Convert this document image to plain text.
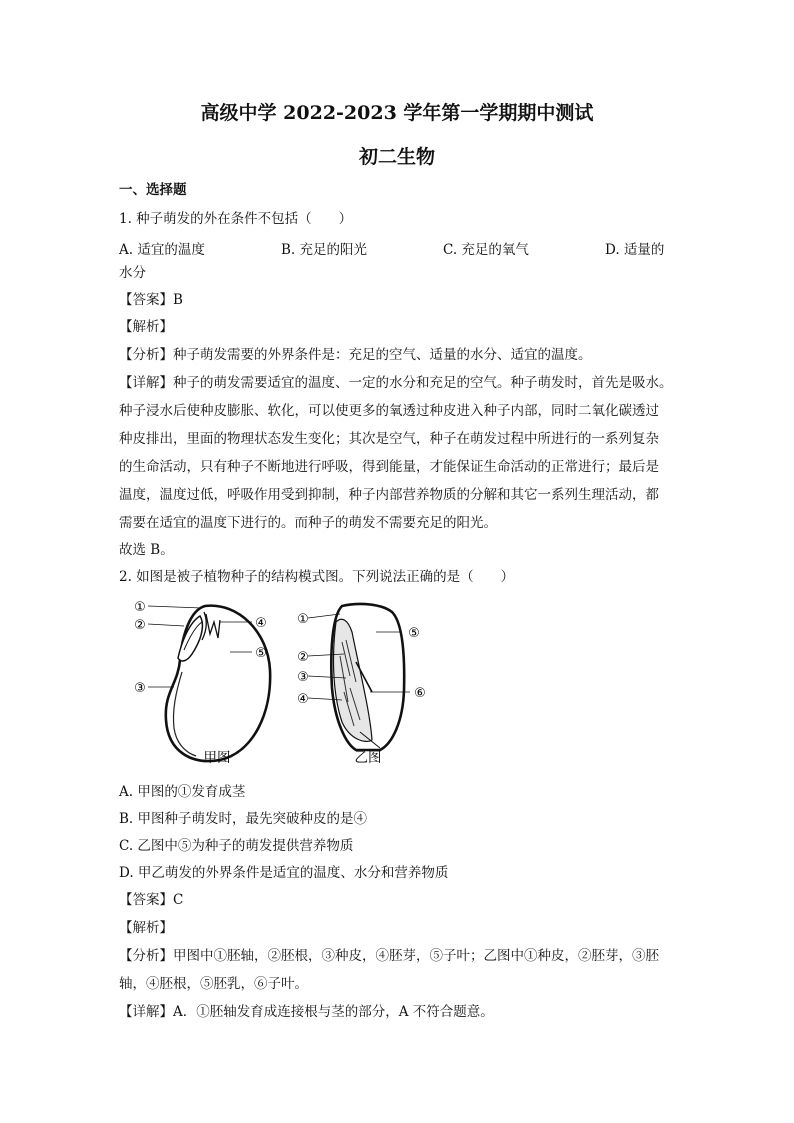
高级中学 2022-2023 学年第一学期期中测试
初二生物
一、选择题
1. 种子萌发的外在条件不包括（　　）
A. 适宜的温度	B. 充足的阳光	C. 充足的氧气	D. 适量的
水分
【答案】B
【解析】
【分析】种子萌发需要的外界条件是：充足的空气、适量的水分、适宜的温度。
【详解】种子的萌发需要适宜的温度、一定的水分和充足的空气。种子萌发时，首先是吸水。
种子浸水后使种皮膨胀、软化，可以使更多的氧透过种皮进入种子内部，同时二氧化碳透过
种皮排出，里面的物理状态发生变化；其次是空气，种子在萌发过程中所进行的一系列复杂
的生命活动，只有种子不断地进行呼吸，得到能量，才能保证生命活动的正常进行；最后是
温度，温度过低，呼吸作用受到抑制，种子内部营养物质的分解和其它一系列生理活动，都
需要在适宜的温度下进行的。而种子的萌发不需要充足的阳光。
故选 B。
2. 如图是被子植物种子的结构模式图。下列说法正确的是（　　）
①
②
③
④
⑤
甲图
①
②
③
④
⑤
⑥
乙图
A. 甲图的①发育成茎
B. 甲图种子萌发时，最先突破种皮的是④
C. 乙图中⑤为种子的萌发提供营养物质
D. 甲乙萌发的外界条件是适宜的温度、水分和营养物质
【答案】C
【解析】
【分析】甲图中①胚轴，②胚根，③种皮，④胚芽，⑤子叶；乙图中①种皮，②胚芽，③胚
轴，④胚根，⑤胚乳，⑥子叶。
【详解】A．①胚轴发育成连接根与茎的部分，A 不符合题意。
